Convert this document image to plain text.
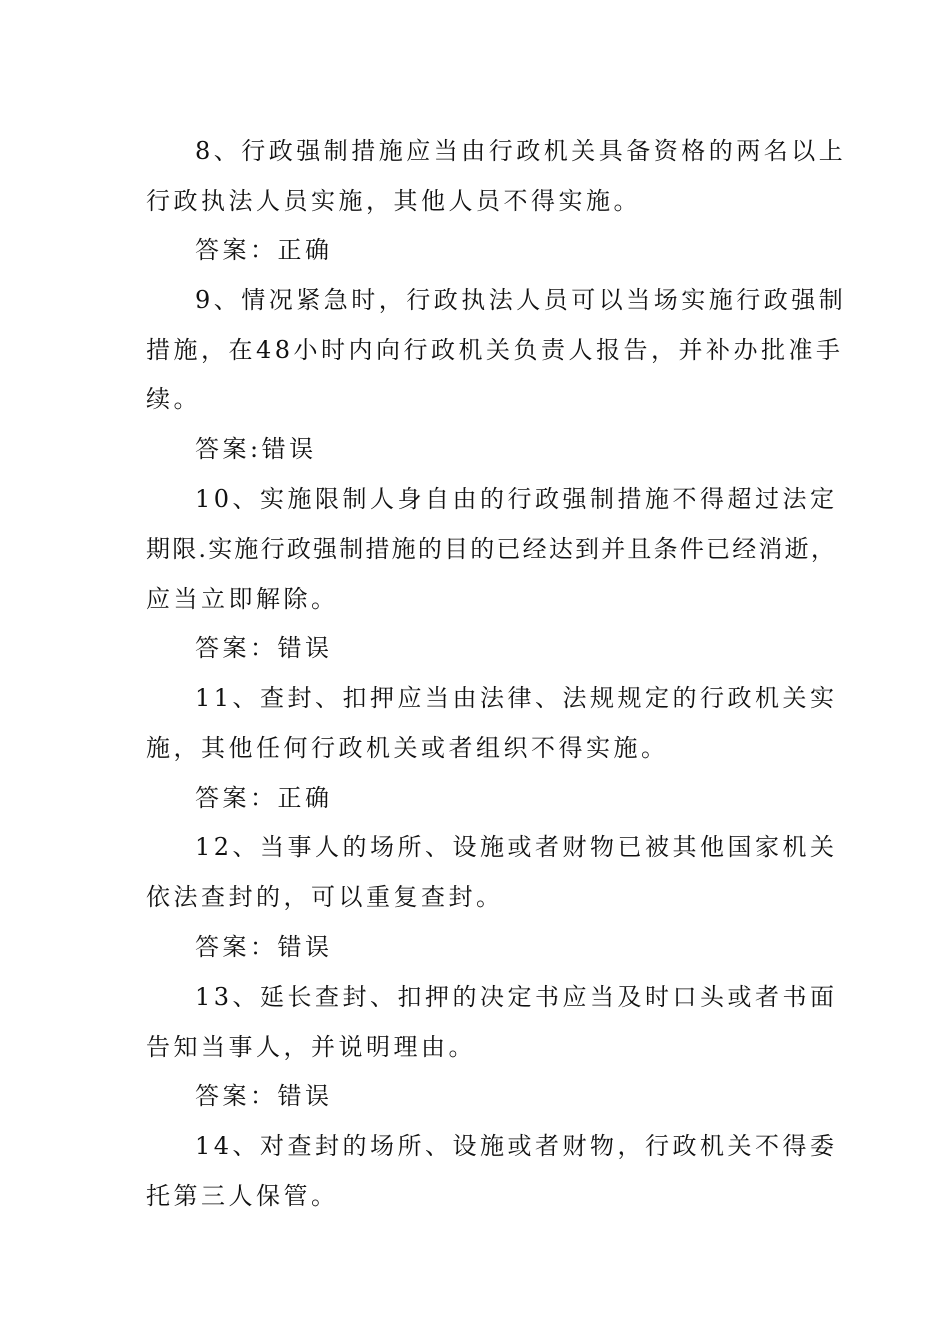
8、行政强制措施应当由行政机关具备资格的两名以上
行政执法人员实施，其他人员不得实施。
答案：正确
9、情况紧急时，行政执法人员可以当场实施行政强制
措施，在48小时内向行政机关负责人报告，并补办批准手
续。
答案:错误
10、实施限制人身自由的行政强制措施不得超过法定
期限.实施行政强制措施的目的已经达到并且条件已经消逝，
应当立即解除。
答案：错误
11、查封、扣押应当由法律、法规规定的行政机关实
施，其他任何行政机关或者组织不得实施。
答案：正确
12、当事人的场所、设施或者财物已被其他国家机关
依法查封的，可以重复查封。
答案：错误
13、延长查封、扣押的决定书应当及时口头或者书面
告知当事人，并说明理由。
答案：错误
14、对查封的场所、设施或者财物，行政机关不得委
托第三人保管。
